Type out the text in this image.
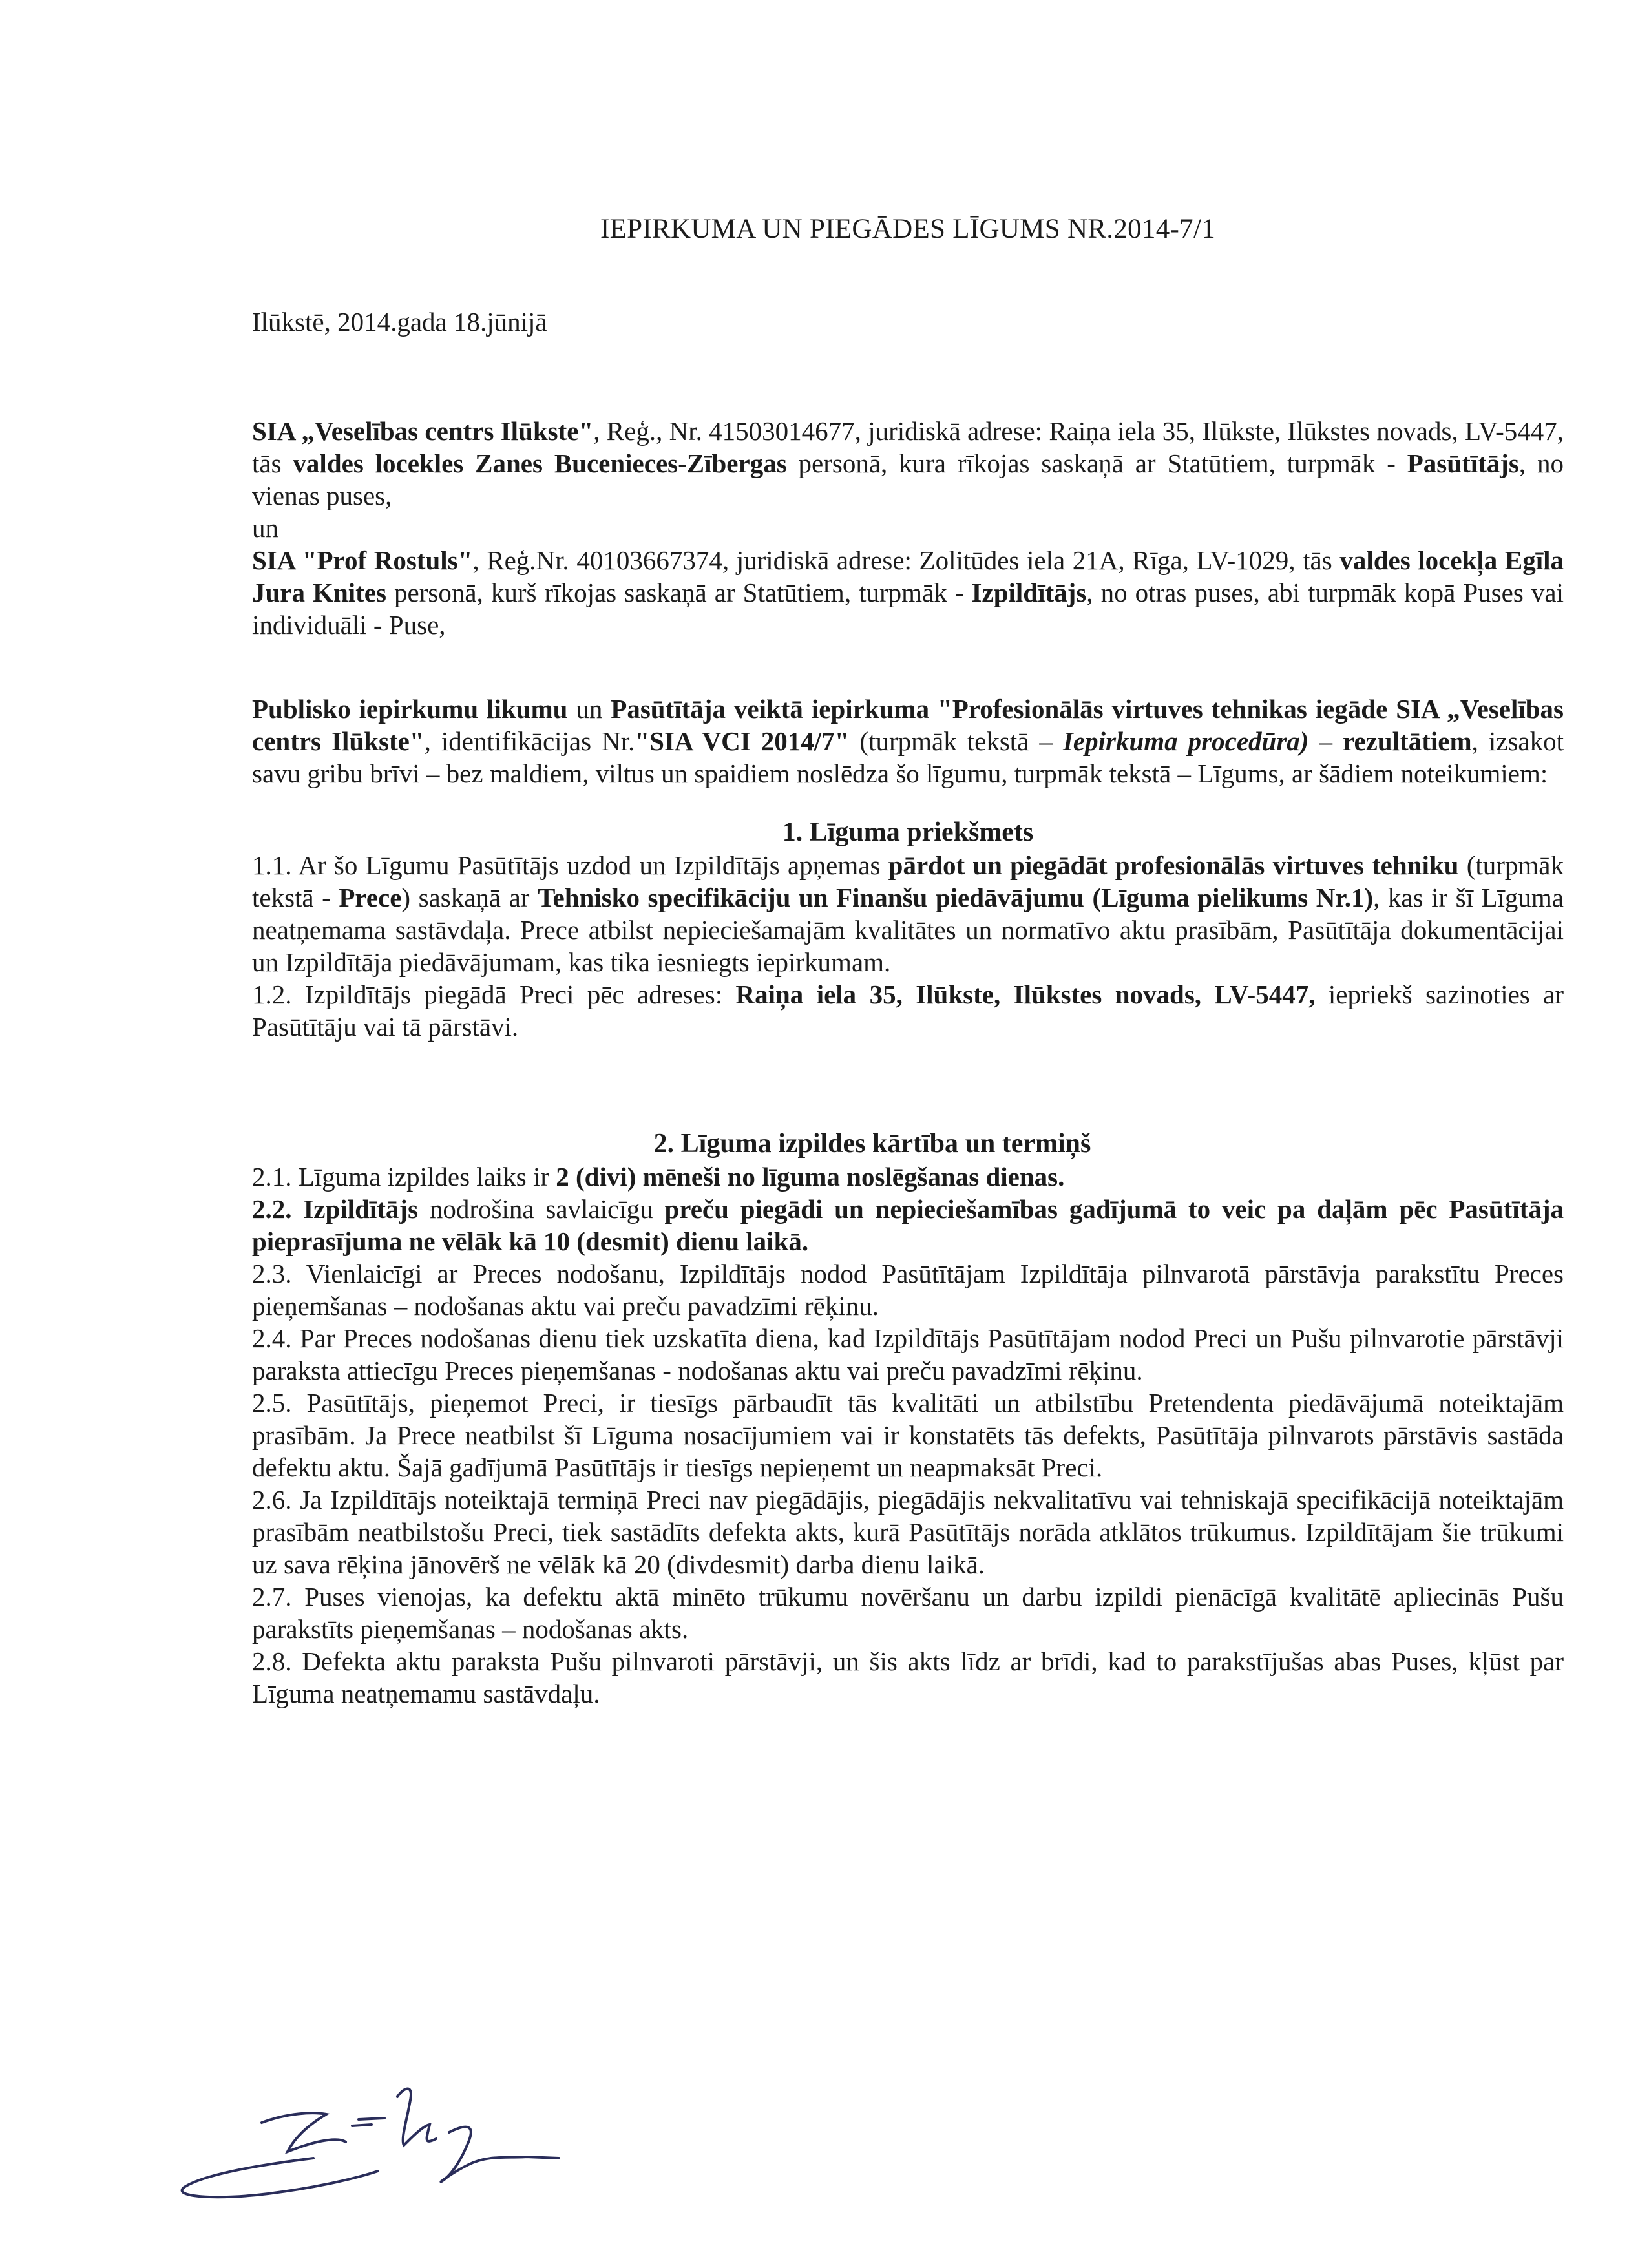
IEPIRKUMA UN PIEGĀDES LĪGUMS NR.2014-7/1
Ilūkstē, 2014.gada 18.jūnijā

SIA „Veselības centrs Ilūkste", Reģ., Nr. 41503014677, juridiskā adrese: Raiņa iela 35, Ilūkste, Ilūkstes novads, LV-5447, tās valdes locekles Zanes Bucenieces-Zībergas personā, kura rīkojas saskaņā ar Statūtiem, turpmāk - Pasūtītājs, no vienas puses,

un

SIA "Prof Rostuls", Reģ.Nr. 40103667374, juridiskā adrese: Zolitūdes iela 21A, Rīga, LV-1029, tās valdes locekļa Egīla Jura Knites personā, kurš rīkojas saskaņā ar Statūtiem, turpmāk - Izpildītājs, no otras puses, abi turpmāk kopā Puses vai individuāli - Puse,

Publisko iepirkumu likumu un Pasūtītāja veiktā iepirkuma "Profesionālās virtuves tehnikas iegāde SIA „Veselības centrs Ilūkste", identifikācijas Nr."SIA VCI 2014/7" (turpmāk tekstā – Iepirkuma procedūra) – rezultātiem, izsakot savu gribu brīvi – bez maldiem, viltus un spaidiem noslēdza šo līgumu, turpmāk tekstā – Līgums, ar šādiem noteikumiem:

1. Līguma priekšmets

1.1. Ar šo Līgumu Pasūtītājs uzdod un Izpildītājs apņemas pārdot un piegādāt profesionālās virtuves tehniku (turpmāk tekstā - Prece) saskaņā ar Tehnisko specifikāciju un Finanšu piedāvājumu (Līguma pielikums Nr.1), kas ir šī Līguma neatņemama sastāvdaļa. Prece atbilst nepieciešamajām kvalitātes un normatīvo aktu prasībām, Pasūtītāja dokumentācijai un Izpildītāja piedāvājumam, kas tika iesniegts iepirkumam.

1.2. Izpildītājs piegādā Preci pēc adreses: Raiņa iela 35, Ilūkste, Ilūkstes novads, LV-5447, iepriekš sazinoties ar Pasūtītāju vai tā pārstāvi.

2. Līguma izpildes kārtība un termiņš

2.1. Līguma izpildes laiks ir 2 (divi) mēneši no līguma noslēgšanas dienas.

2.2. Izpildītājs nodrošina savlaicīgu preču piegādi un nepieciešamības gadījumā to veic pa daļām pēc Pasūtītāja pieprasījuma ne vēlāk kā 10 (desmit) dienu laikā.

2.3. Vienlaicīgi ar Preces nodošanu, Izpildītājs nodod Pasūtītājam Izpildītāja pilnvarotā pārstāvja parakstītu Preces pieņemšanas – nodošanas aktu vai preču pavadzīmi rēķinu.

2.4. Par Preces nodošanas dienu tiek uzskatīta diena, kad Izpildītājs Pasūtītājam nodod Preci un Pušu pilnvarotie pārstāvji paraksta attiecīgu Preces pieņemšanas - nodošanas aktu vai preču pavadzīmi rēķinu.

2.5. Pasūtītājs, pieņemot Preci, ir tiesīgs pārbaudīt tās kvalitāti un atbilstību Pretendenta piedāvājumā noteiktajām prasībām. Ja Prece neatbilst šī Līguma nosacījumiem vai ir konstatēts tās defekts, Pasūtītāja pilnvarots pārstāvis sastāda defektu aktu. Šajā gadījumā Pasūtītājs ir tiesīgs nepieņemt un neapmaksāt Preci.

2.6. Ja Izpildītājs noteiktajā termiņā Preci nav piegādājis, piegādājis nekvalitatīvu vai tehniskajā specifikācijā noteiktajām prasībām neatbilstošu Preci, tiek sastādīts defekta akts, kurā Pasūtītājs norāda atklātos trūkumus. Izpildītājam šie trūkumi uz sava rēķina jānovērš ne vēlāk kā 20 (divdesmit) darba dienu laikā.

2.7. Puses vienojas, ka defektu aktā minēto trūkumu novēršanu un darbu izpildi pienācīgā kvalitātē apliecinās Pušu parakstīts pieņemšanas – nodošanas akts.

2.8. Defekta aktu paraksta Pušu pilnvaroti pārstāvji, un šis akts līdz ar brīdi, kad to parakstījušas abas Puses, kļūst par Līguma neatņemamu sastāvdaļu.
